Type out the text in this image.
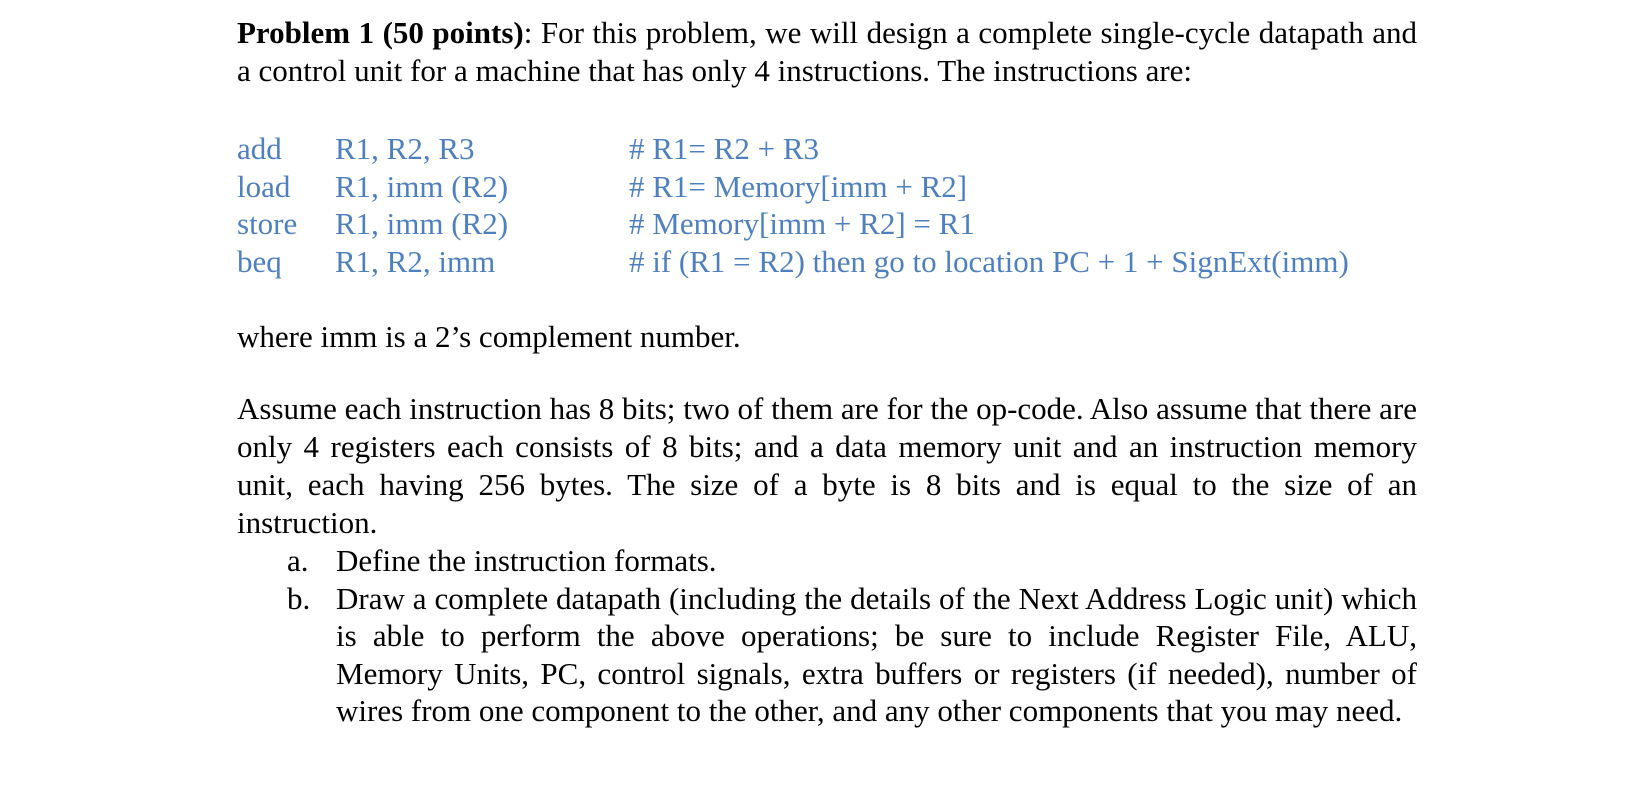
Problem 1 (50 points): For this problem, we will design a complete single-cycle datapath and a control unit for a machine that has only 4 instructions. The instructions are:

add	R1, R2, R3	# R1= R2 + R3
load	R1, imm (R2)	# R1= Memory[imm + R2]
store	R1, imm (R2)	# Memory[imm + R2] = R1
beq	R1, R2, imm	# if (R1 = R2) then go to location PC + 1 + SignExt(imm)

where imm is a 2’s complement number.

Assume each instruction has 8 bits; two of them are for the op-code. Also assume that there are only 4 registers each consists of 8 bits; and a data memory unit and an instruction memory unit, each having 256 bytes. The size of a byte is 8 bits and is equal to the size of an instruction.

a. Define the instruction formats.
b. Draw a complete datapath (including the details of the Next Address Logic unit) which is able to perform the above operations; be sure to include Register File, ALU, Memory Units, PC, control signals, extra buffers or registers (if needed), number of wires from one component to the other, and any other components that you may need.
